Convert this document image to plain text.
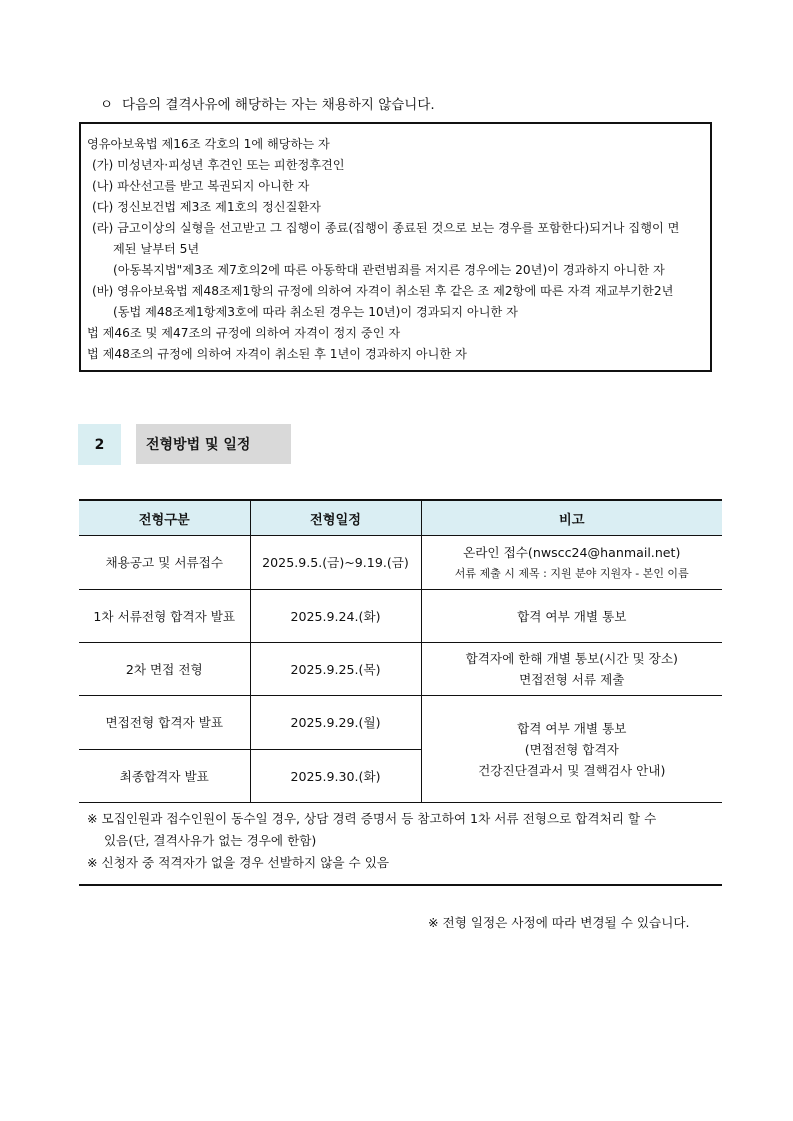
ㅇ 다음의 결격사유에 해당하는 자는 채용하지 않습니다.
영유아보육법 제16조 각호의 1에 해당하는 자
(가) 미성년자·피성년 후견인 또는 피한정후견인
(나) 파산선고를 받고 복권되지 아니한 자
(다) 정신보건법 제3조 제1호의 정신질환자
(라) 금고이상의 실형을 선고받고 그 집행이 종료(집행이 종료된 것으로 보는 경우를 포함한다)되거나 집행이 면
제된 날부터 5년
(아동복지법"제3조 제7호의2에 따른 아동학대 관련범죄를 저지른 경우에는 20년)이 경과하지 아니한 자
(바) 영유아보육법 제48조제1항의 규정에 의하여 자격이 취소된 후 같은 조 제2항에 따른 자격 재교부기한2년
(동법 제48조제1항제3호에 따라 취소된 경우는 10년)이 경과되지 아니한 자
법 제46조 및 제47조의 규정에 의하여 자격이 정지 중인 자
법 제48조의 규정에 의하여 자격이 취소된 후 1년이 경과하지 아니한 자
2	전형방법 및 일정
전형구분	전형일정	비고
채용공고 및 서류접수	2025.9.5.(금)~9.19.(금)	온라인 접수(nwscc24@hanmail.net)
서류 제출 시 제목 : 지원 분야 지원자 - 본인 이름

1차 서류전형 합격자 발표	2025.9.24.(화)	합격 여부 개별 통보
2차 면접 전형	2025.9.25.(목)	합격자에 한해 개별 통보(시간 및 장소)
면접전형 서류 제출

면접전형 합격자 발표	2025.9.29.(월)	합격 여부 개별 통보
(면접전형 합격자
건강진단결과서 및 결핵검사 안내)

최종합격자 발표	2025.9.30.(화)	
※ 모집인원과 접수인원이 동수일 경우, 상담 경력 증명서 등 참고하여 1차 서류 전형으로 합격처리 할 수
있음(단, 결격사유가 없는 경우에 한함)
※ 신청자 중 적격자가 없을 경우 선발하지 않을 수 있음
※ 전형 일정은 사정에 따라 변경될 수 있습니다.
